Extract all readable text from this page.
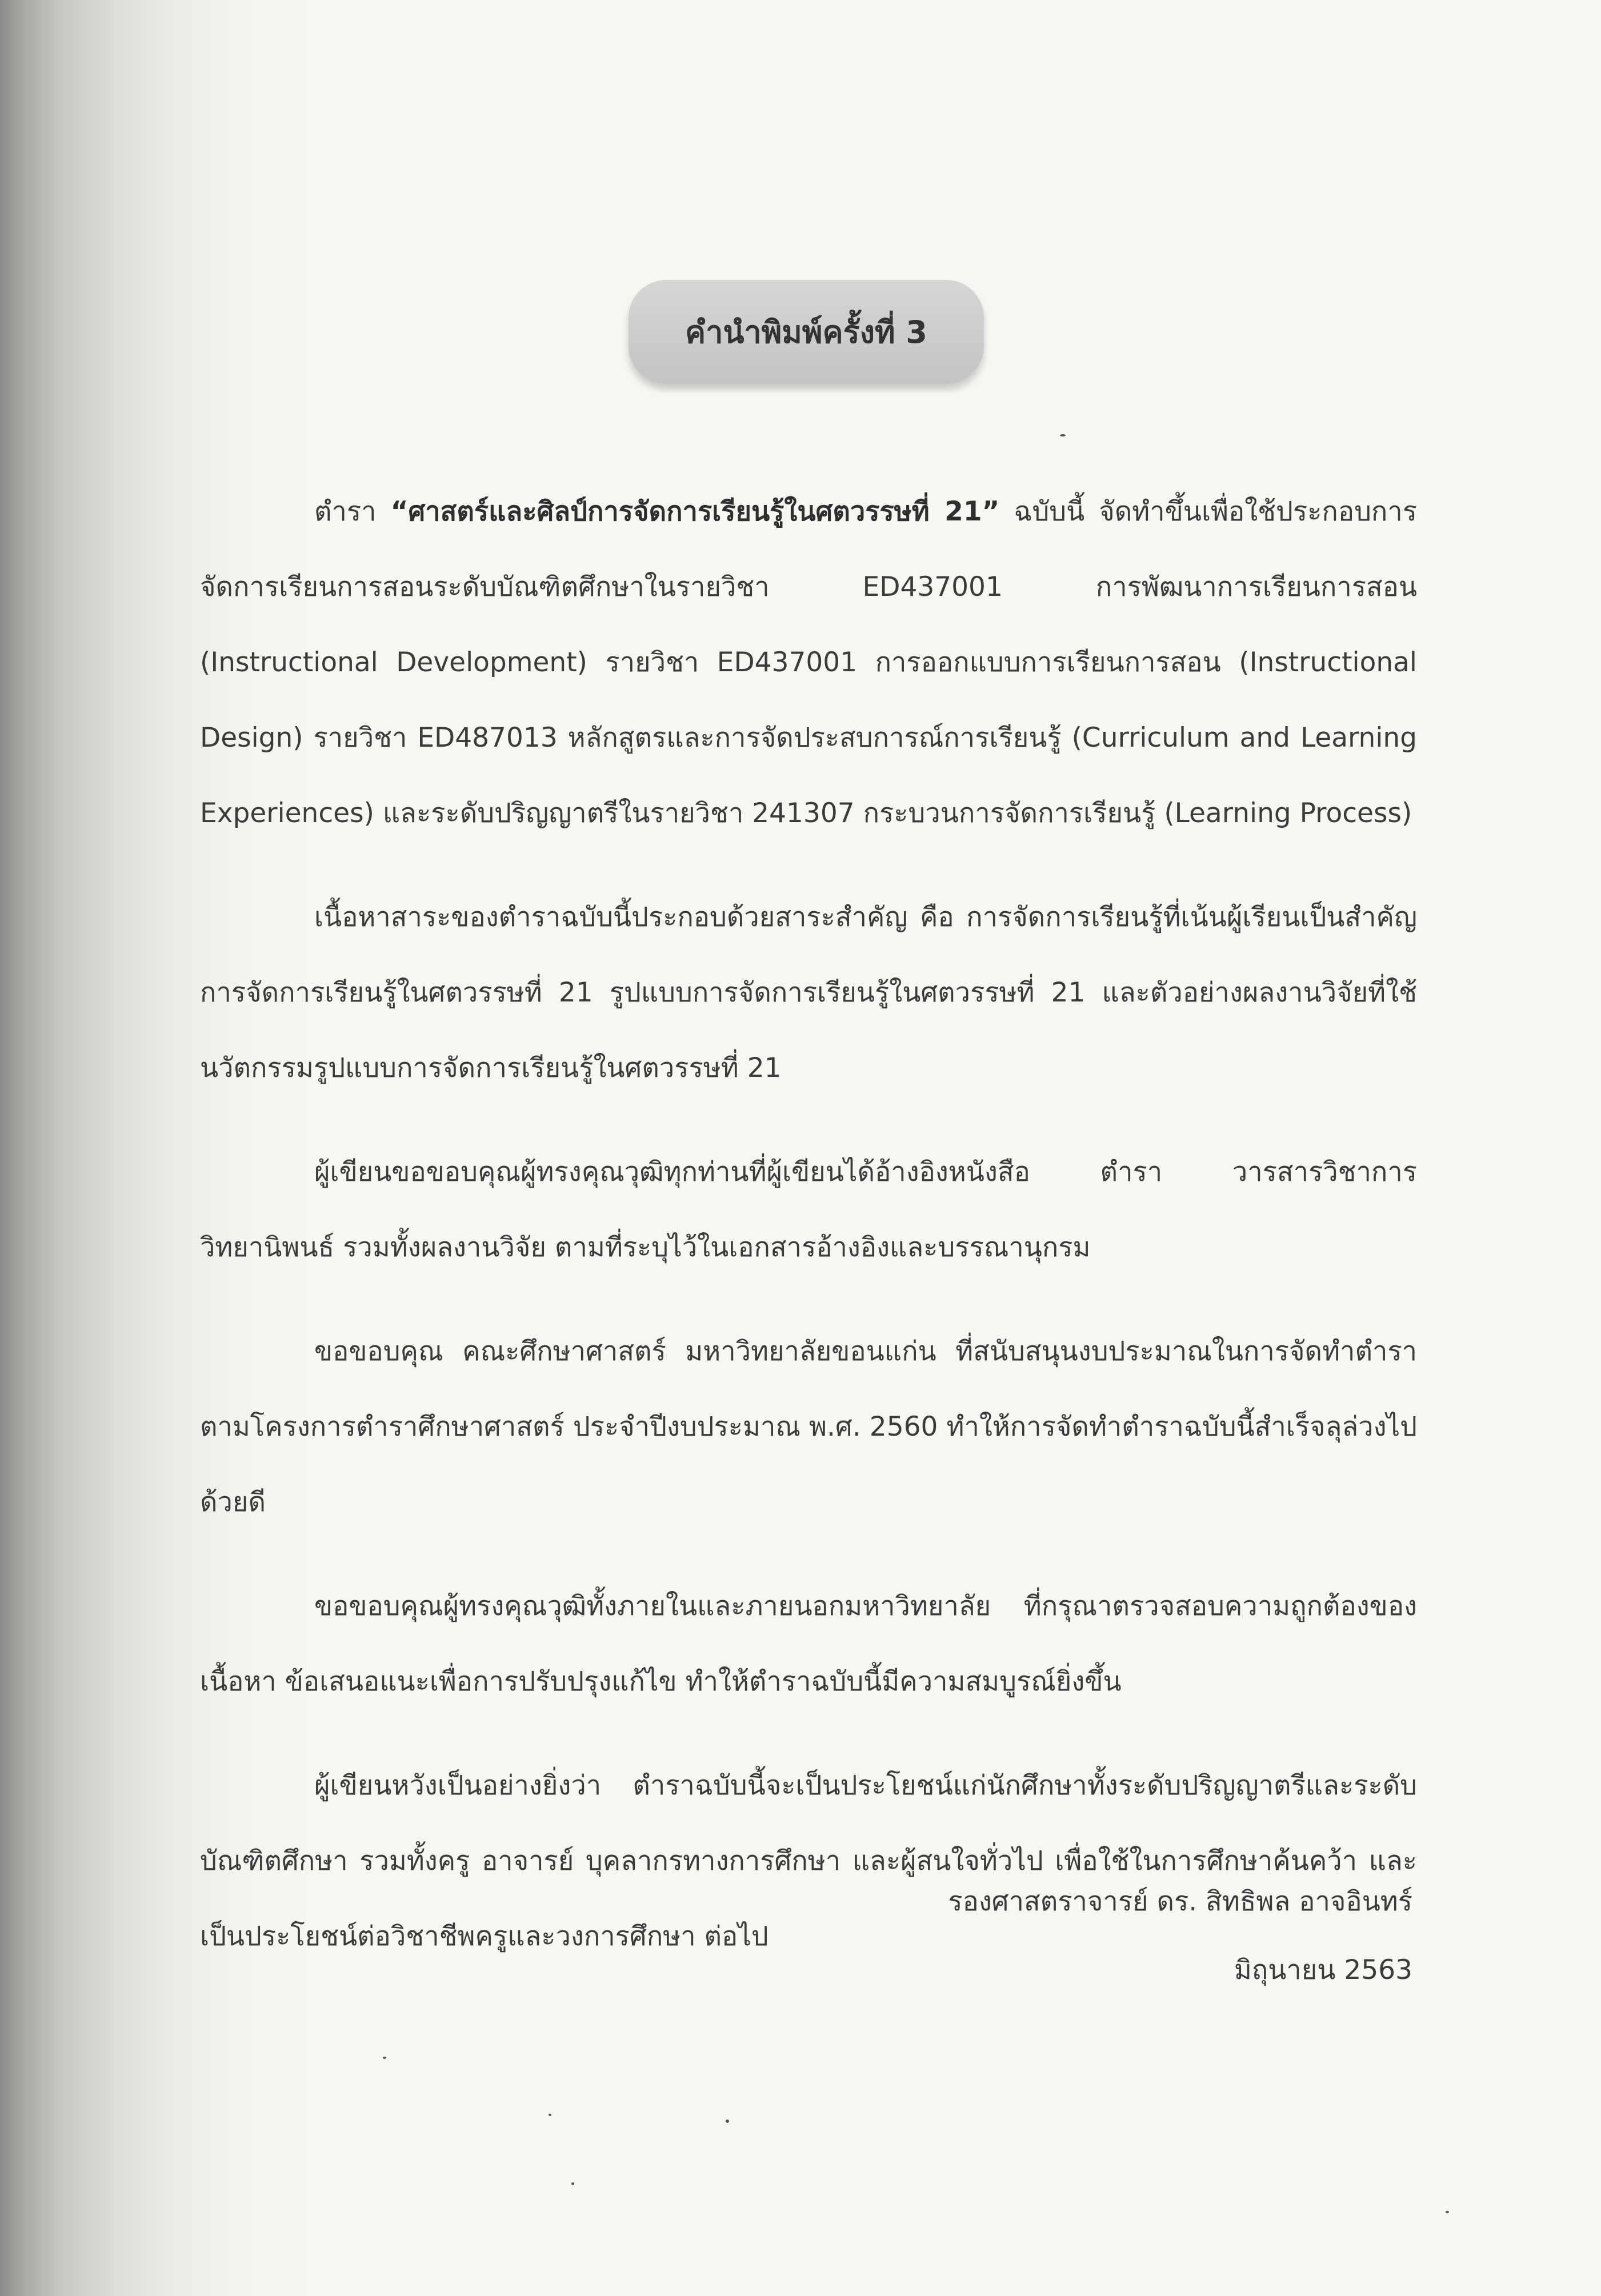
คำนำพิมพ์ครั้งที่ 3

ตำรา “ศาสตร์และศิลป์การจัดการเรียนรู้ในศตวรรษที่ 21” ฉบับนี้ จัดทำขึ้นเพื่อใช้ประกอบการจัดการเรียนการสอนระดับบัณฑิตศึกษาในรายวิชา ED437001 การพัฒนาการเรียนการสอน (Instructional Development) รายวิชา ED437001 การออกแบบการเรียนการสอน (Instructional Design) รายวิชา ED487013 หลักสูตรและการจัดประสบการณ์การเรียนรู้ (Curriculum and Learning Experiences) และระดับปริญญาตรีในรายวิชา 241307 กระบวนการจัดการเรียนรู้ (Learning Process)

เนื้อหาสาระของตำราฉบับนี้ประกอบด้วยสาระสำคัญ คือ การจัดการเรียนรู้ที่เน้นผู้เรียนเป็นสำคัญ การจัดการเรียนรู้ในศตวรรษที่ 21 รูปแบบการจัดการเรียนรู้ในศตวรรษที่ 21 และตัวอย่างผลงานวิจัยที่ใช้นวัตกรรมรูปแบบการจัดการเรียนรู้ในศตวรรษที่ 21

ผู้เขียนขอขอบคุณผู้ทรงคุณวุฒิทุกท่านที่ผู้เขียนได้อ้างอิงหนังสือ ตำรา วารสารวิชาการ วิทยานิพนธ์ รวมทั้งผลงานวิจัย ตามที่ระบุไว้ในเอกสารอ้างอิงและบรรณานุกรม

ขอขอบคุณ คณะศึกษาศาสตร์ มหาวิทยาลัยขอนแก่น ที่สนับสนุนงบประมาณในการจัดทำตำราตามโครงการตำราศึกษาศาสตร์ ประจำปีงบประมาณ พ.ศ. 2560 ทำให้การจัดทำตำราฉบับนี้สำเร็จลุล่วงไปด้วยดี

ขอขอบคุณผู้ทรงคุณวุฒิทั้งภายในและภายนอกมหาวิทยาลัย ที่กรุณาตรวจสอบความถูกต้องของเนื้อหา ข้อเสนอแนะเพื่อการปรับปรุงแก้ไข ทำให้ตำราฉบับนี้มีความสมบูรณ์ยิ่งขึ้น

ผู้เขียนหวังเป็นอย่างยิ่งว่า ตำราฉบับนี้จะเป็นประโยชน์แก่นักศึกษาทั้งระดับปริญญาตรีและระดับบัณฑิตศึกษา รวมทั้งครู อาจารย์ บุคลากรทางการศึกษา และผู้สนใจทั่วไป เพื่อใช้ในการศึกษาค้นคว้า และเป็นประโยชน์ต่อวิชาชีพครูและวงการศึกษา ต่อไป

รองศาสตราจารย์ ดร. สิทธิพล อาจอินทร์
มิถุนายน 2563
